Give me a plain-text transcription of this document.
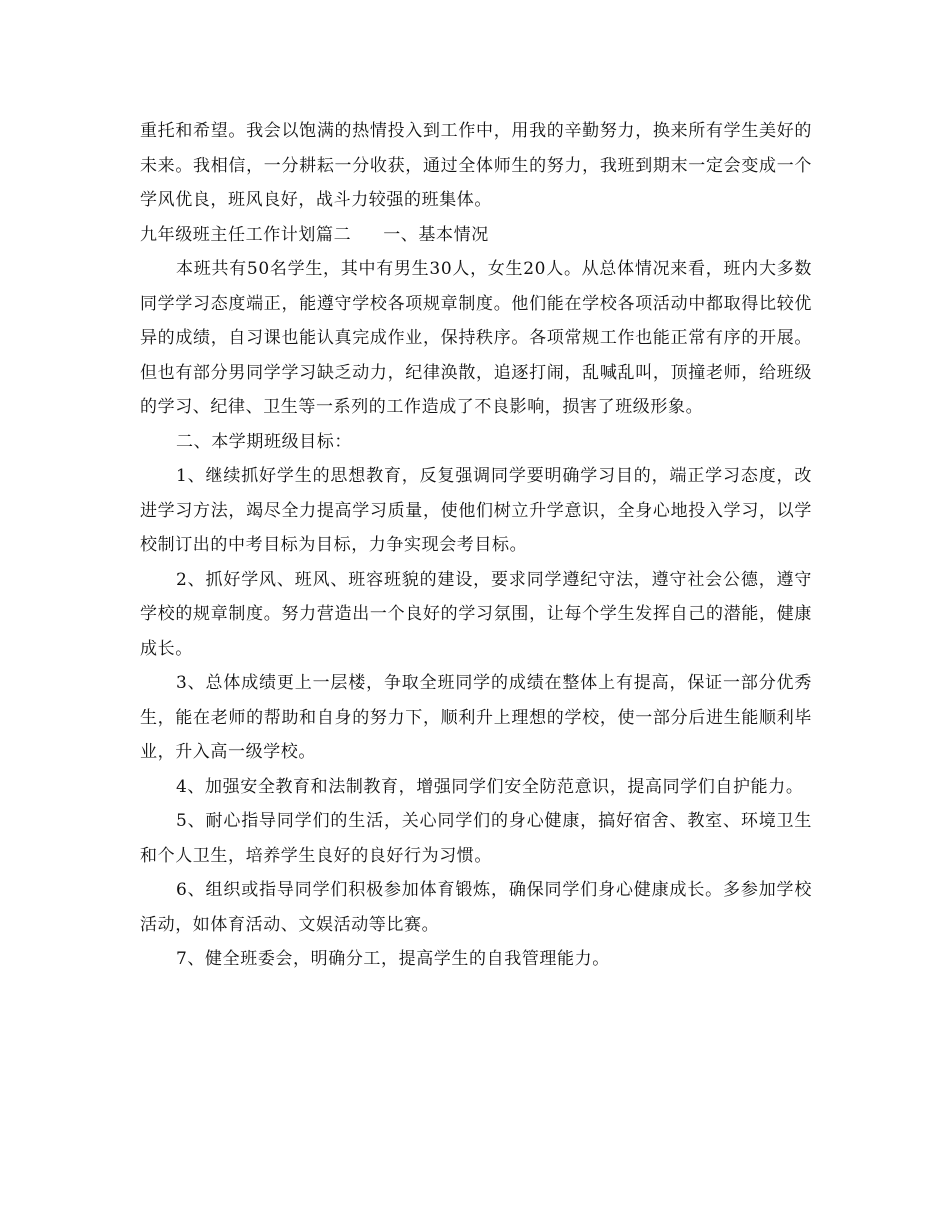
重托和希望。我会以饱满的热情投入到工作中，用我的辛勤努力，换来所有学生美好的未来。我相信，一分耕耘一分收获，通过全体师生的努力，我班到期末一定会变成一个学风优良，班风良好，战斗力较强的班集体。

九年级班主任工作计划篇二 一、基本情况

本班共有50名学生，其中有男生30人，女生20人。从总体情况来看，班内大多数同学学习态度端正，能遵守学校各项规章制度。他们能在学校各项活动中都取得比较优异的成绩，自习课也能认真完成作业，保持秩序。各项常规工作也能正常有序的开展。但也有部分男同学学习缺乏动力，纪律涣散，追逐打闹，乱喊乱叫，顶撞老师，给班级的学习、纪律、卫生等一系列的工作造成了不良影响，损害了班级形象。

二、本学期班级目标：

1、继续抓好学生的思想教育，反复强调同学要明确学习目的，端正学习态度，改进学习方法，竭尽全力提高学习质量，使他们树立升学意识，全身心地投入学习，以学校制订出的中考目标为目标，力争实现会考目标。

2、抓好学风、班风、班容班貌的建设，要求同学遵纪守法，遵守社会公德，遵守学校的规章制度。努力营造出一个良好的学习氛围，让每个学生发挥自己的潜能，健康成长。

3、总体成绩更上一层楼，争取全班同学的成绩在整体上有提高，保证一部分优秀生，能在老师的帮助和自身的努力下，顺利升上理想的学校，使一部分后进生能顺利毕业，升入高一级学校。

4、加强安全教育和法制教育，增强同学们安全防范意识，提高同学们自护能力。

5、耐心指导同学们的生活，关心同学们的身心健康，搞好宿舍、教室、环境卫生和个人卫生，培养学生良好的良好行为习惯。

6、组织或指导同学们积极参加体育锻炼，确保同学们身心健康成长。多参加学校活动，如体育活动、文娱活动等比赛。

7、健全班委会，明确分工，提高学生的自我管理能力。
